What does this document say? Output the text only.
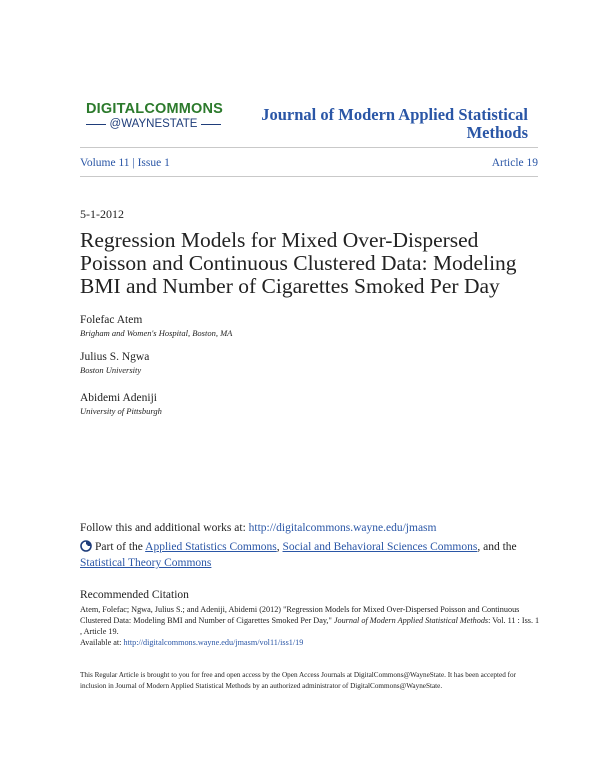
DIGITALCOMMONS
@WAYNESTATE	Journal of Modern Applied Statistical
Methods
Volume 11 | Issue 1	Article 19
5-1-2012
Regression Models for Mixed Over-Dispersed Poisson and Continuous Clustered Data: Modeling BMI and Number of Cigarettes Smoked Per Day
Folefac Atem
Brigham and Women's Hospital, Boston, MA
Julius S. Ngwa
Boston University
Abidemi Adeniji
University of Pittsburgh
Follow this and additional works at: http://digitalcommons.wayne.edu/jmasm
Part of the Applied Statistics Commons, Social and Behavioral Sciences Commons, and the Statistical Theory Commons
Recommended Citation
Atem, Folefac; Ngwa, Julius S.; and Adeniji, Abidemi (2012) "Regression Models for Mixed Over-Dispersed Poisson and Continuous Clustered Data: Modeling BMI and Number of Cigarettes Smoked Per Day," Journal of Modern Applied Statistical Methods: Vol. 11 : Iss. 1 , Article 19.
Available at: http://digitalcommons.wayne.edu/jmasm/vol11/iss1/19
This Regular Article is brought to you for free and open access by the Open Access Journals at DigitalCommons@WayneState. It has been accepted for inclusion in Journal of Modern Applied Statistical Methods by an authorized administrator of DigitalCommons@WayneState.
